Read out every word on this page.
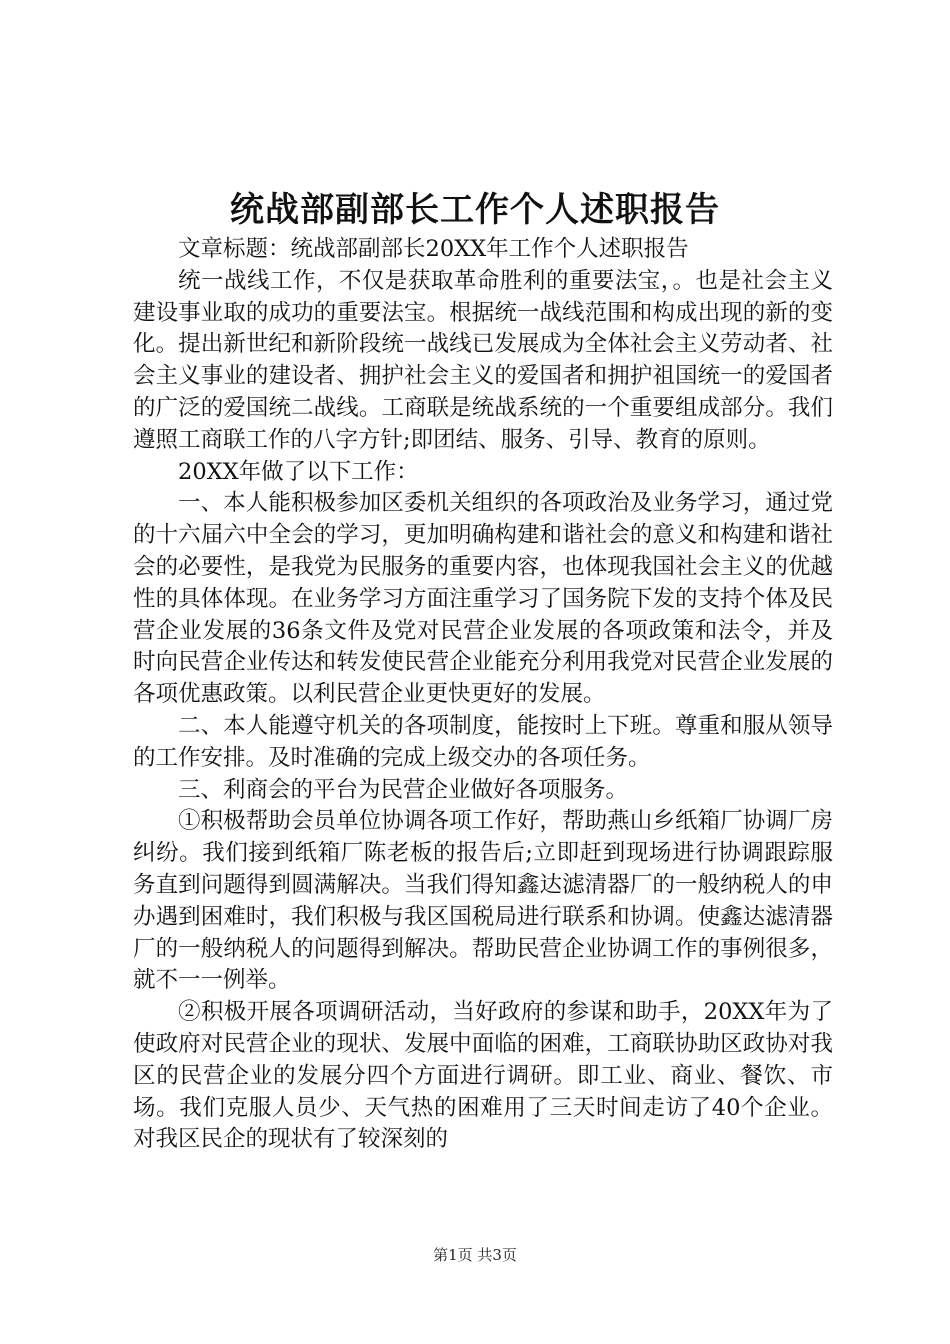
统战部副部长工作个人述职报告

文章标题：统战部副部长20XX年工作个人述职报告

统一战线工作，不仅是获取革命胜利的重要法宝，。也是社会主义建设事业取的成功的重要法宝。根据统一战线范围和构成出现的新的变化。提出新世纪和新阶段统一战线已发展成为全体社会主义劳动者、社会主义事业的建设者、拥护社会主义的爱国者和拥护祖国统一的爱国者的广泛的爱国统二战线。工商联是统战系统的一个重要组成部分。我们遵照工商联工作的八字方针;即团结、服务、引导、教育的原则。

20XX年做了以下工作：

一、本人能积极参加区委机关组织的各项政治及业务学习，通过党的十六届六中全会的学习，更加明确构建和谐社会的意义和构建和谐社会的必要性，是我党为民服务的重要内容，也体现我国社会主义的优越性的具体体现。在业务学习方面注重学习了国务院下发的支持个体及民营企业发展的36条文件及党对民营企业发展的各项政策和法令，并及时向民营企业传达和转发使民营企业能充分利用我党对民营企业发展的各项优惠政策。以利民营企业更快更好的发展。

二、本人能遵守机关的各项制度，能按时上下班。尊重和服从领导的工作安排。及时准确的完成上级交办的各项任务。

三、利商会的平台为民营企业做好各项服务。

①积极帮助会员单位协调各项工作好，帮助燕山乡纸箱厂协调厂房纠纷。我们接到纸箱厂陈老板的报告后;立即赶到现场进行协调跟踪服务直到问题得到圆满解决。当我们得知鑫达滤清器厂的一般纳税人的申办遇到困难时，我们积极与我区国税局进行联系和协调。使鑫达滤清器厂的一般纳税人的问题得到解决。帮助民营企业协调工作的事例很多，就不一一例举。

②积极开展各项调研活动，当好政府的参谋和助手，20XX年为了使政府对民营企业的现状、发展中面临的困难，工商联协助区政协对我区的民营企业的发展分四个方面进行调研。即工业、商业、餐饮、市场。我们克服人员少、天气热的困难用了三天时间走访了40个企业。对我区民企的现状有了较深刻的

第1页 共3页
